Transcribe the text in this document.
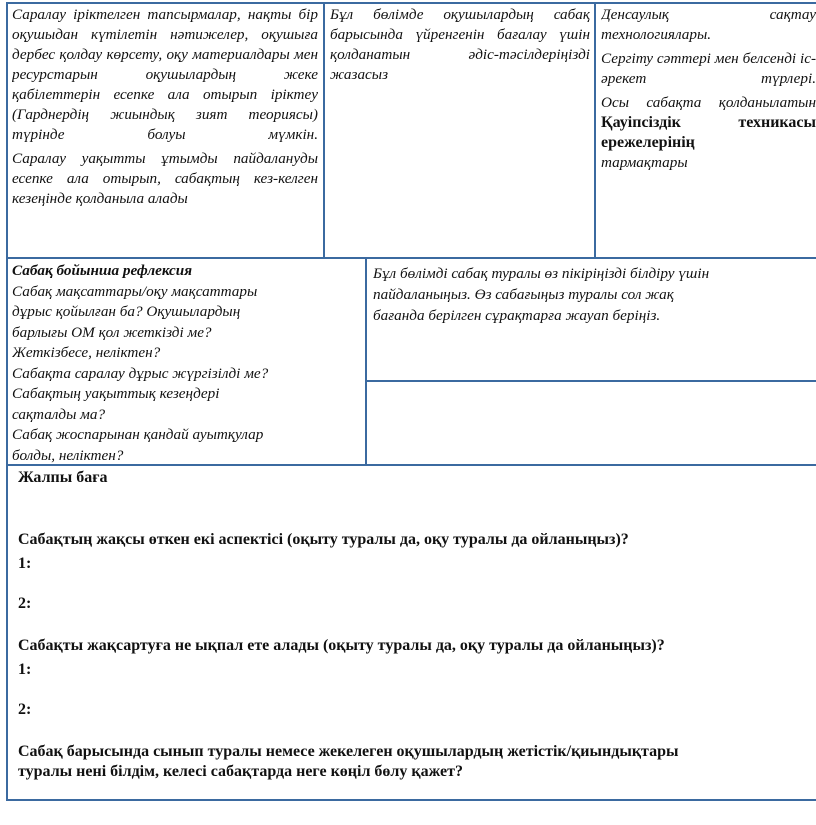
Саралау іріктелген тапсырмалар, нақты бір оқушыдан күтілетін нәтижелер, оқушыға дербес қолдау көрсету, оқу материалдары мен ресурстарын оқушылардың жеке қабілеттерін есепке ала отырып іріктеу (Гарднердің жиындық зият теориясы) түрінде болуы мүмкін.

Саралау уақытты ұтымды пайдалануды есепке ала отырып, сабақтың кез-келген кезеңінде қолданыла алады

Бұл бөлімде оқушылардың сабақ барысында үйренгенін бағалау үшін қолданатын әдіс-тәсілдеріңізді жазасыз

Денсаулық сақтау технологиялары.

Сергіту сәттері мен белсенді іс-әрекет түрлері.

Осы сабақта қолданылатын

Қауіпсіздік техникасы ережелерінің

тармақтары

Сабақ бойынша рефлексия
Сабақ мақсаттары/оқу мақсаттары
дұрыс қойылған ба? Оқушылардың
барлығы ОМ қол жеткізді ме?
Жеткізбесе, неліктен?
Сабақта саралау дұрыс жүргізілді ме?
Сабақтың уақыттық кезеңдері
сақталды ма?
Сабақ жоспарынан қандай ауытқулар
болды, неліктен?
Бұл бөлімді сабақ туралы өз пікіріңізді білдіру үшін
пайдаланыңыз. Өз сабағыңыз туралы сол жақ
бағанда берілген сұрақтарға жауап беріңіз.
Жалпы баға
Сабақтың жақсы өткен екі аспектісі (оқыту туралы да, оқу туралы да ойланыңыз)?
1:
2:
Сабақты жақсартуға не ықпал ете алады (оқыту туралы да, оқу туралы да ойланыңыз)?
1:
2:
Сабақ барысында сынып туралы немесе жекелеген оқушылардың жетістік/қиындықтары
туралы нені білдім, келесі сабақтарда неге көңіл бөлу қажет?
